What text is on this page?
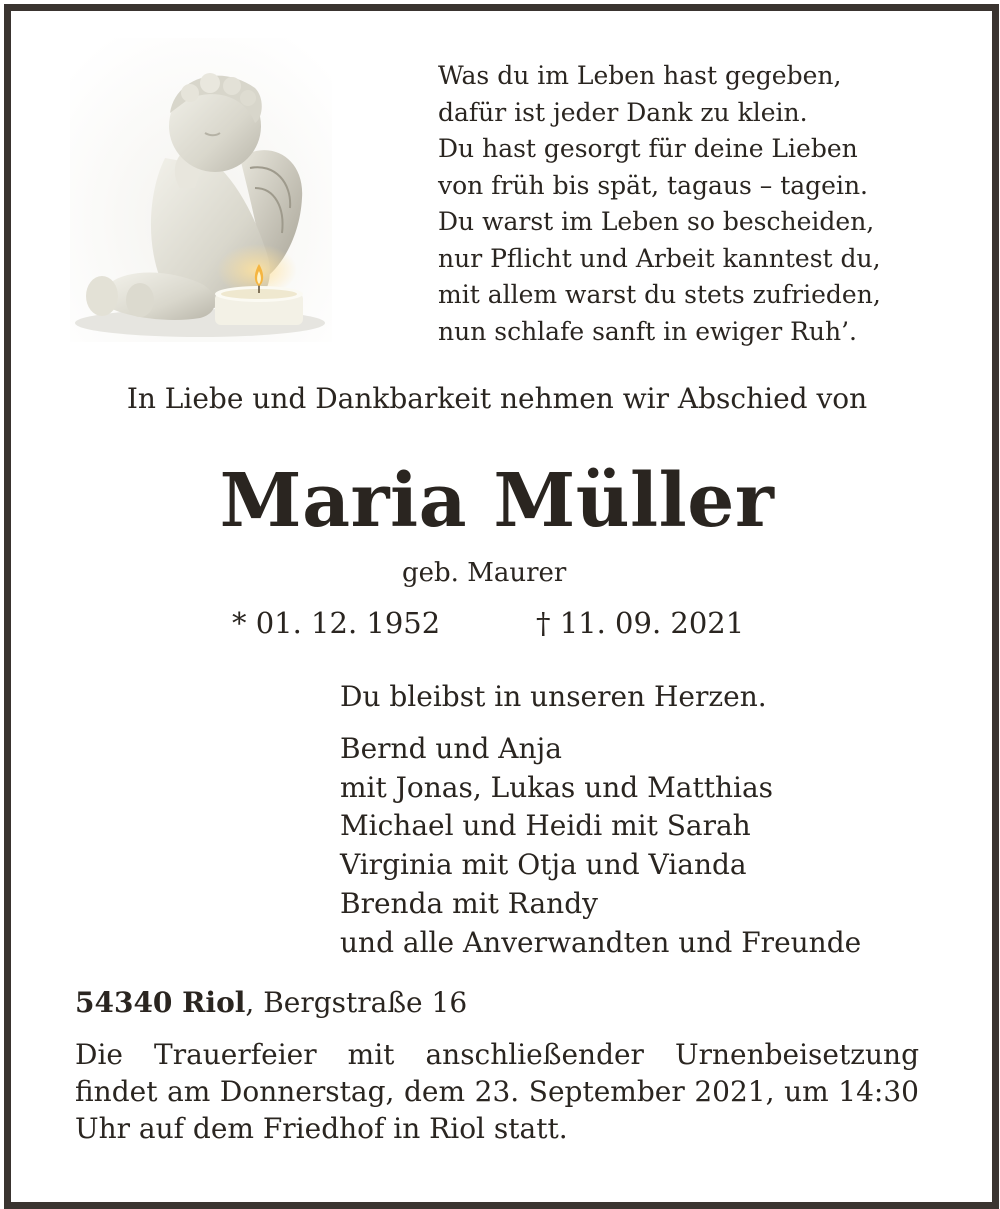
Was du im Leben hast gegeben,
dafür ist jeder Dank zu klein.
Du hast gesorgt für deine Lieben
von früh bis spät, tagaus – tagein.
Du warst im Leben so bescheiden,
nur Pflicht und Arbeit kanntest du,
mit allem warst du stets zufrieden,
nun schlafe sanft in ewiger Ruh’.
In Liebe und Dankbarkeit nehmen wir Abschied von
Maria Müller
geb. Maurer
* 01. 12. 1952	† 11. 09. 2021
Du bleibst in unseren Herzen.
Bernd und Anja
mit Jonas, Lukas und Matthias
Michael und Heidi mit Sarah
Virginia mit Otja und Vianda
Brenda mit Randy
und alle Anverwandten und Freunde
54340 Riol, Bergstraße 16
Die Trauerfeier mit anschließender Urnenbeisetzung findet am Donnerstag, dem 23. September 2021, um 14:30 Uhr auf dem Friedhof in Riol statt.
